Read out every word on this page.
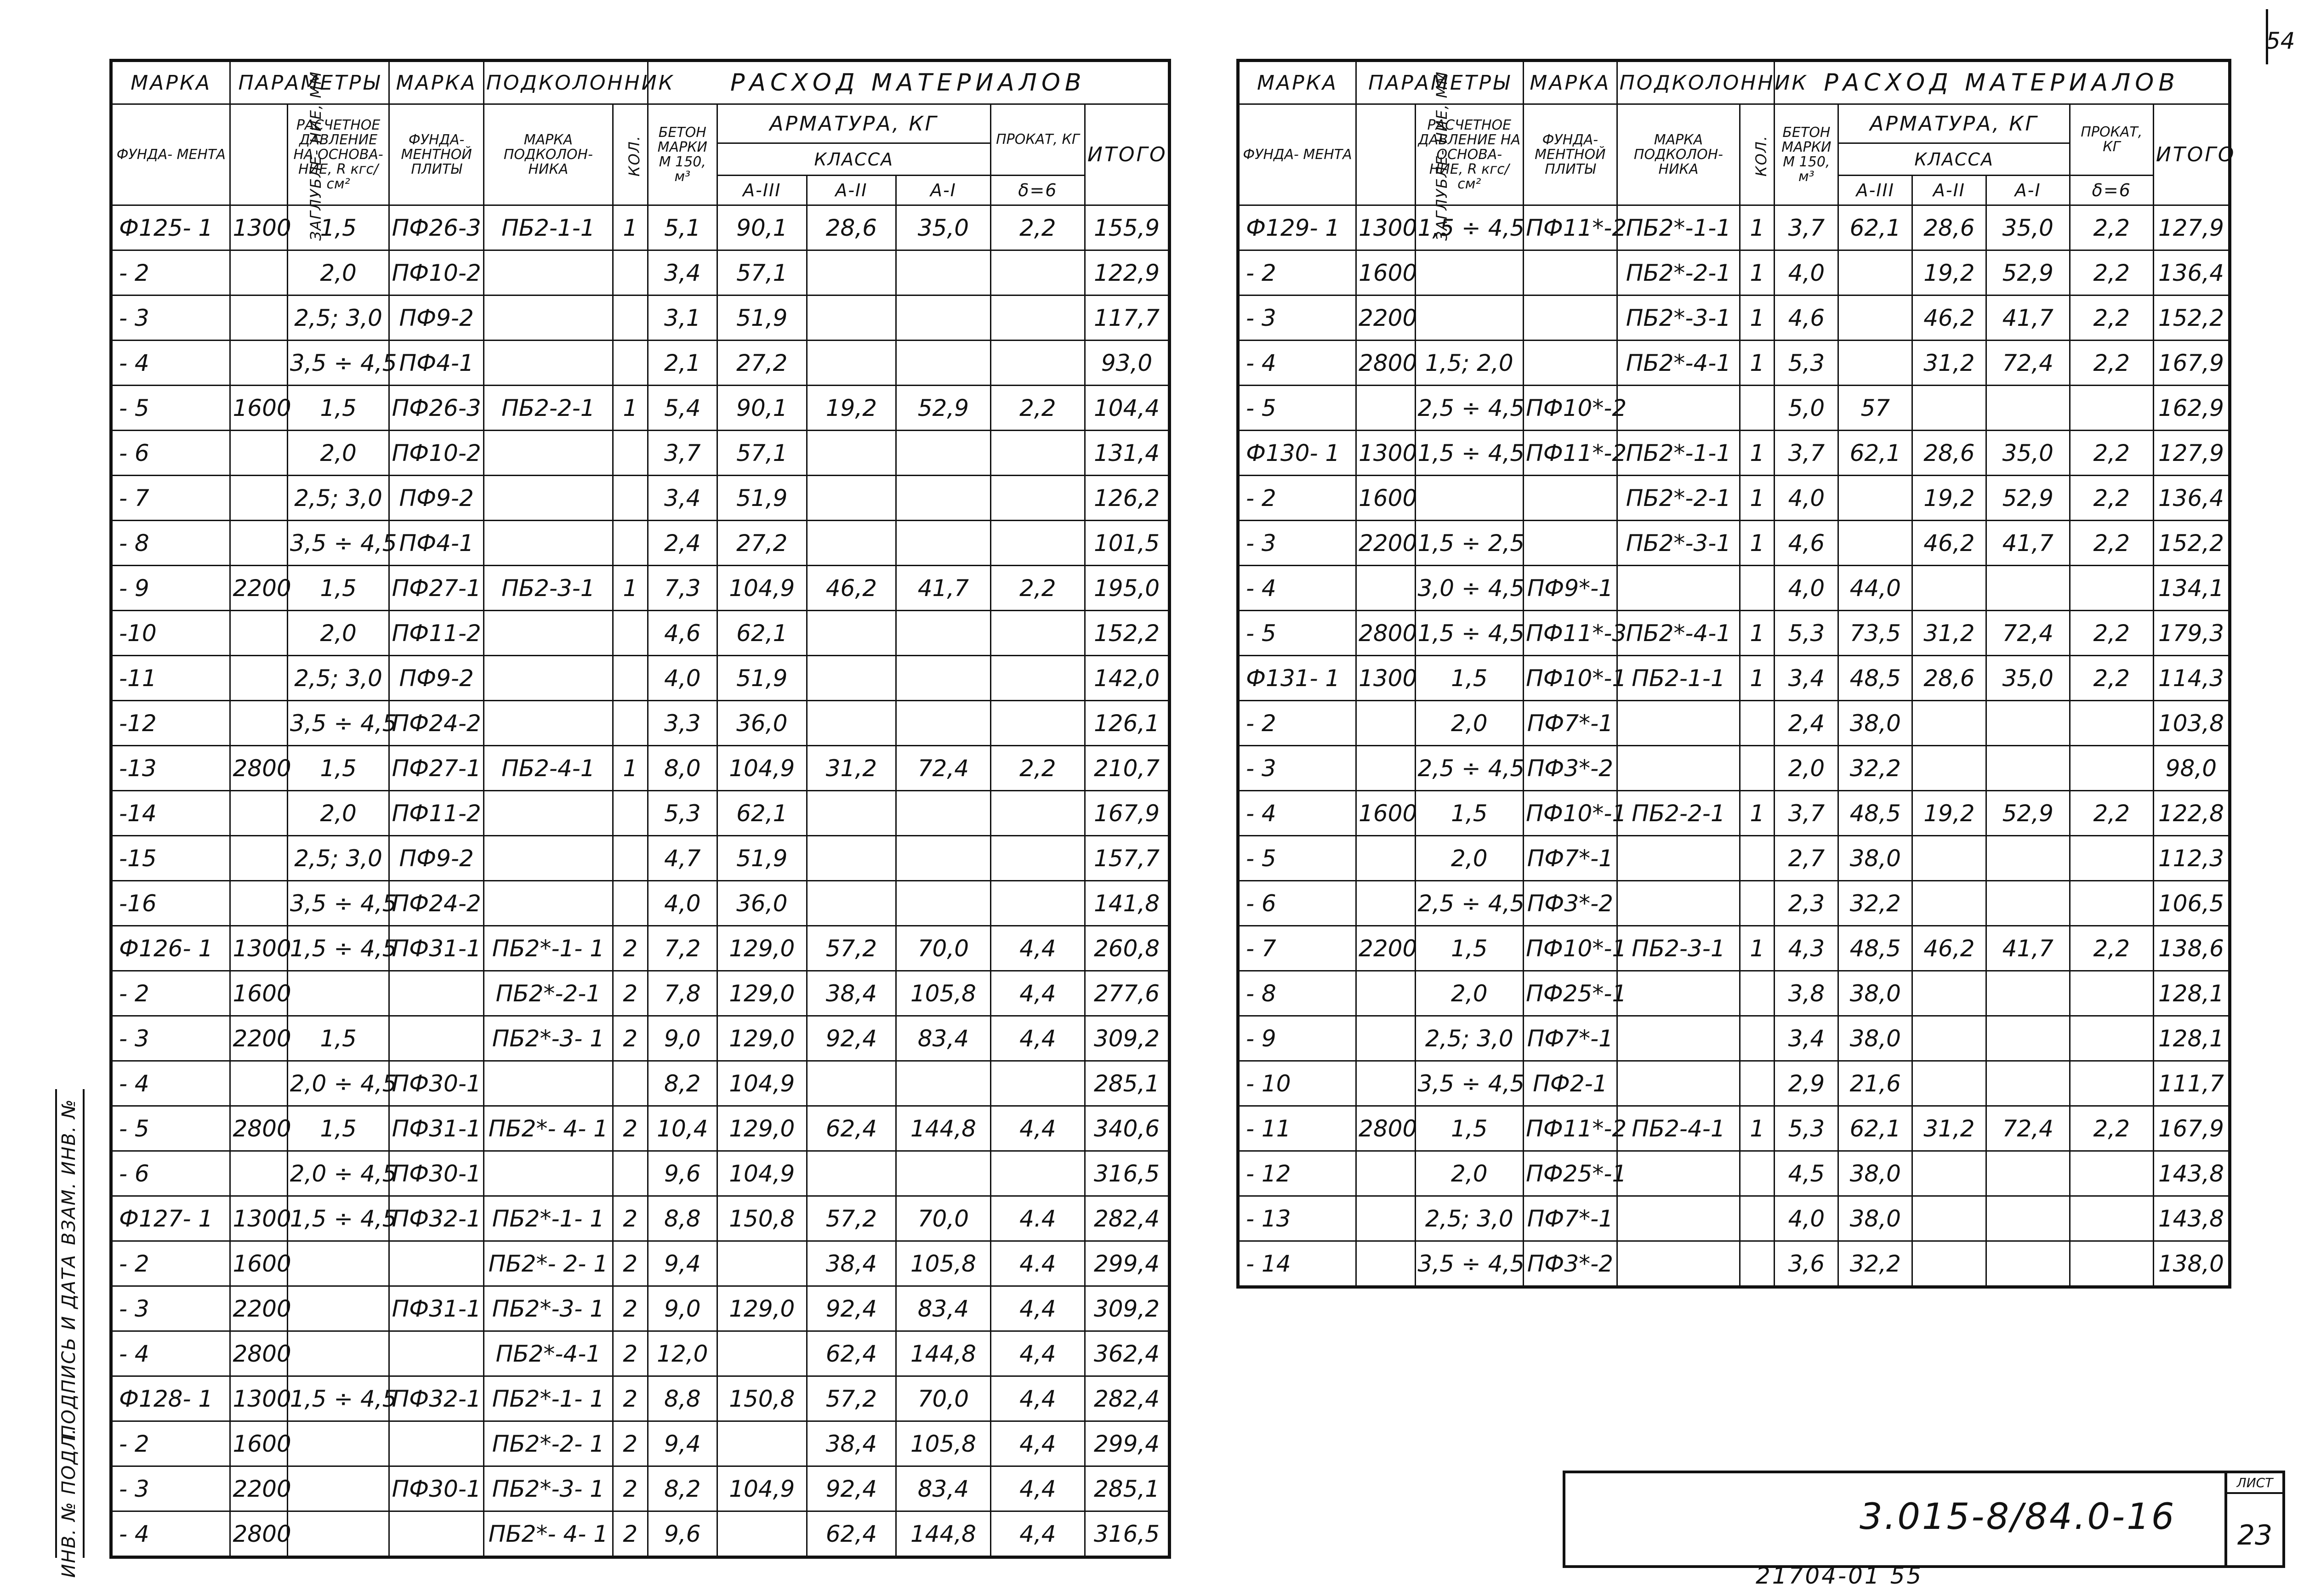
54
МАРКА	ПАРАМЕТРЫ		МАРКА	ПОДКОЛОННИК		РАСХОД МАТЕРИАЛОВ					
ФУНДА- МЕНТА	ЗАГЛУБЛЕ- НИЕ, ММ	РАСЧЕТНОЕ ДАВЛЕНИЕ НА ОСНОВА- НИЕ, R кгс/см²	ФУНДА- МЕНТНОЙ ПЛИТЫ	МАРКА ПОДКОЛОН- НИКА	КОЛ.	БЕТОН МАРКИ М 150, м³	АРМАТУРА, КГ			ПРОКАТ, КГ	ИТОГО
							КЛАССА				
							А-III	А-II	А-I	δ=6	
Ф125- 1	1300	1,5	ПФ26-3	ПБ2-1-1	1	5,1	90,1	28,6	35,0	2,2	155,9
- 2		2,0	ПФ10-2			3,4	57,1				122,9
- 3		2,5; 3,0	ПФ9-2			3,1	51,9				117,7
- 4		3,5 ÷ 4,5	ПФ4-1			2,1	27,2				93,0
- 5	1600	1,5	ПФ26-3	ПБ2-2-1	1	5,4	90,1	19,2	52,9	2,2	104,4
- 6		2,0	ПФ10-2			3,7	57,1				131,4
- 7		2,5; 3,0	ПФ9-2			3,4	51,9				126,2
- 8		3,5 ÷ 4,5	ПФ4-1			2,4	27,2				101,5
- 9	2200	1,5	ПФ27-1	ПБ2-3-1	1	7,3	104,9	46,2	41,7	2,2	195,0
-10		2,0	ПФ11-2			4,6	62,1				152,2
-11		2,5; 3,0	ПФ9-2			4,0	51,9				142,0
-12		3,5 ÷ 4,5	ПФ24-2			3,3	36,0				126,1
-13	2800	1,5	ПФ27-1	ПБ2-4-1	1	8,0	104,9	31,2	72,4	2,2	210,7
-14		2,0	ПФ11-2			5,3	62,1				167,9
-15		2,5; 3,0	ПФ9-2			4,7	51,9				157,7
-16		3,5 ÷ 4,5	ПФ24-2			4,0	36,0				141,8
Ф126- 1	1300	1,5 ÷ 4,5	ПФ31-1	ПБ2*-1- 1	2	7,2	129,0	57,2	70,0	4,4	260,8
- 2	1600			ПБ2*-2-1	2	7,8	129,0	38,4	105,8	4,4	277,6
- 3	2200	1,5		ПБ2*-3- 1	2	9,0	129,0	92,4	83,4	4,4	309,2
- 4		2,0 ÷ 4,5	ПФ30-1			8,2	104,9				285,1
- 5	2800	1,5	ПФ31-1	ПБ2*- 4- 1	2	10,4	129,0	62,4	144,8	4,4	340,6
- 6		2,0 ÷ 4,5	ПФ30-1			9,6	104,9				316,5
Ф127- 1	1300	1,5 ÷ 4,5	ПФ32-1	ПБ2*-1- 1	2	8,8	150,8	57,2	70,0	4.4	282,4
- 2	1600			ПБ2*- 2- 1	2	9,4		38,4	105,8	4.4	299,4
- 3	2200		ПФ31-1	ПБ2*-3- 1	2	9,0	129,0	92,4	83,4	4,4	309,2
- 4	2800			ПБ2*-4-1	2	12,0		62,4	144,8	4,4	362,4
Ф128- 1	1300	1,5 ÷ 4,5	ПФ32-1	ПБ2*-1- 1	2	8,8	150,8	57,2	70,0	4,4	282,4
- 2	1600			ПБ2*-2- 1	2	9,4		38,4	105,8	4,4	299,4
- 3	2200		ПФ30-1	ПБ2*-3- 1	2	8,2	104,9	92,4	83,4	4,4	285,1
- 4	2800			ПБ2*- 4- 1	2	9,6		62,4	144,8	4,4	316,5
МАРКА	ПАРАМЕТРЫ		МАРКА	ПОДКОЛОННИК		РАСХОД МАТЕРИАЛОВ					
ФУНДА- МЕНТА	ЗАГЛУБЛЕ- НИЕ, ММ	РАСЧЕТНОЕ ДАВЛЕНИЕ НА ОСНОВА- НИЕ, R кгс/см²	ФУНДА- МЕНТНОЙ ПЛИТЫ	МАРКА ПОДКОЛОН- НИКА	КОЛ.	БЕТОН МАРКИ М 150, м³	АРМАТУРА, КГ			ПРОКАТ, КГ	ИТОГО
							КЛАССА				
							А-III	А-II	А-I	δ=6	
Ф129- 1	1300	1,5 ÷ 4,5	ПФ11*-2	ПБ2*-1-1	1	3,7	62,1	28,6	35,0	2,2	127,9
- 2	1600			ПБ2*-2-1	1	4,0		19,2	52,9	2,2	136,4
- 3	2200			ПБ2*-3-1	1	4,6		46,2	41,7	2,2	152,2
- 4	2800	1,5; 2,0		ПБ2*-4-1	1	5,3		31,2	72,4	2,2	167,9
- 5		2,5 ÷ 4,5	ПФ10*-2			5,0	57				162,9
Ф130- 1	1300	1,5 ÷ 4,5	ПФ11*-2	ПБ2*-1-1	1	3,7	62,1	28,6	35,0	2,2	127,9
- 2	1600			ПБ2*-2-1	1	4,0		19,2	52,9	2,2	136,4
- 3	2200	1,5 ÷ 2,5		ПБ2*-3-1	1	4,6		46,2	41,7	2,2	152,2
- 4		3,0 ÷ 4,5	ПФ9*-1			4,0	44,0				134,1
- 5	2800	1,5 ÷ 4,5	ПФ11*-3	ПБ2*-4-1	1	5,3	73,5	31,2	72,4	2,2	179,3
Ф131- 1	1300	1,5	ПФ10*-1	ПБ2-1-1	1	3,4	48,5	28,6	35,0	2,2	114,3
- 2		2,0	ПФ7*-1			2,4	38,0				103,8
- 3		2,5 ÷ 4,5	ПФ3*-2			2,0	32,2				98,0
- 4	1600	1,5	ПФ10*-1	ПБ2-2-1	1	3,7	48,5	19,2	52,9	2,2	122,8
- 5		2,0	ПФ7*-1			2,7	38,0				112,3
- 6		2,5 ÷ 4,5	ПФ3*-2			2,3	32,2				106,5
- 7	2200	1,5	ПФ10*-1	ПБ2-3-1	1	4,3	48,5	46,2	41,7	2,2	138,6
- 8		2,0	ПФ25*-1			3,8	38,0				128,1
- 9		2,5; 3,0	ПФ7*-1			3,4	38,0				128,1
- 10		3,5 ÷ 4,5	ПФ2-1			2,9	21,6				111,7
- 11	2800	1,5	ПФ11*-2	ПБ2-4-1	1	5,3	62,1	31,2	72,4	2,2	167,9
- 12		2,0	ПФ25*-1			4,5	38,0				143,8
- 13		2,5; 3,0	ПФ7*-1			4,0	38,0				143,8
- 14		3,5 ÷ 4,5	ПФ3*-2			3,6	32,2				138,0
ИНВ. № ПОДЛ.
ПОДПИСЬ И ДАТА
ВЗАМ. ИНВ. №
3.015-8/84.0-16
ЛИСТ
23
21704-01 55
